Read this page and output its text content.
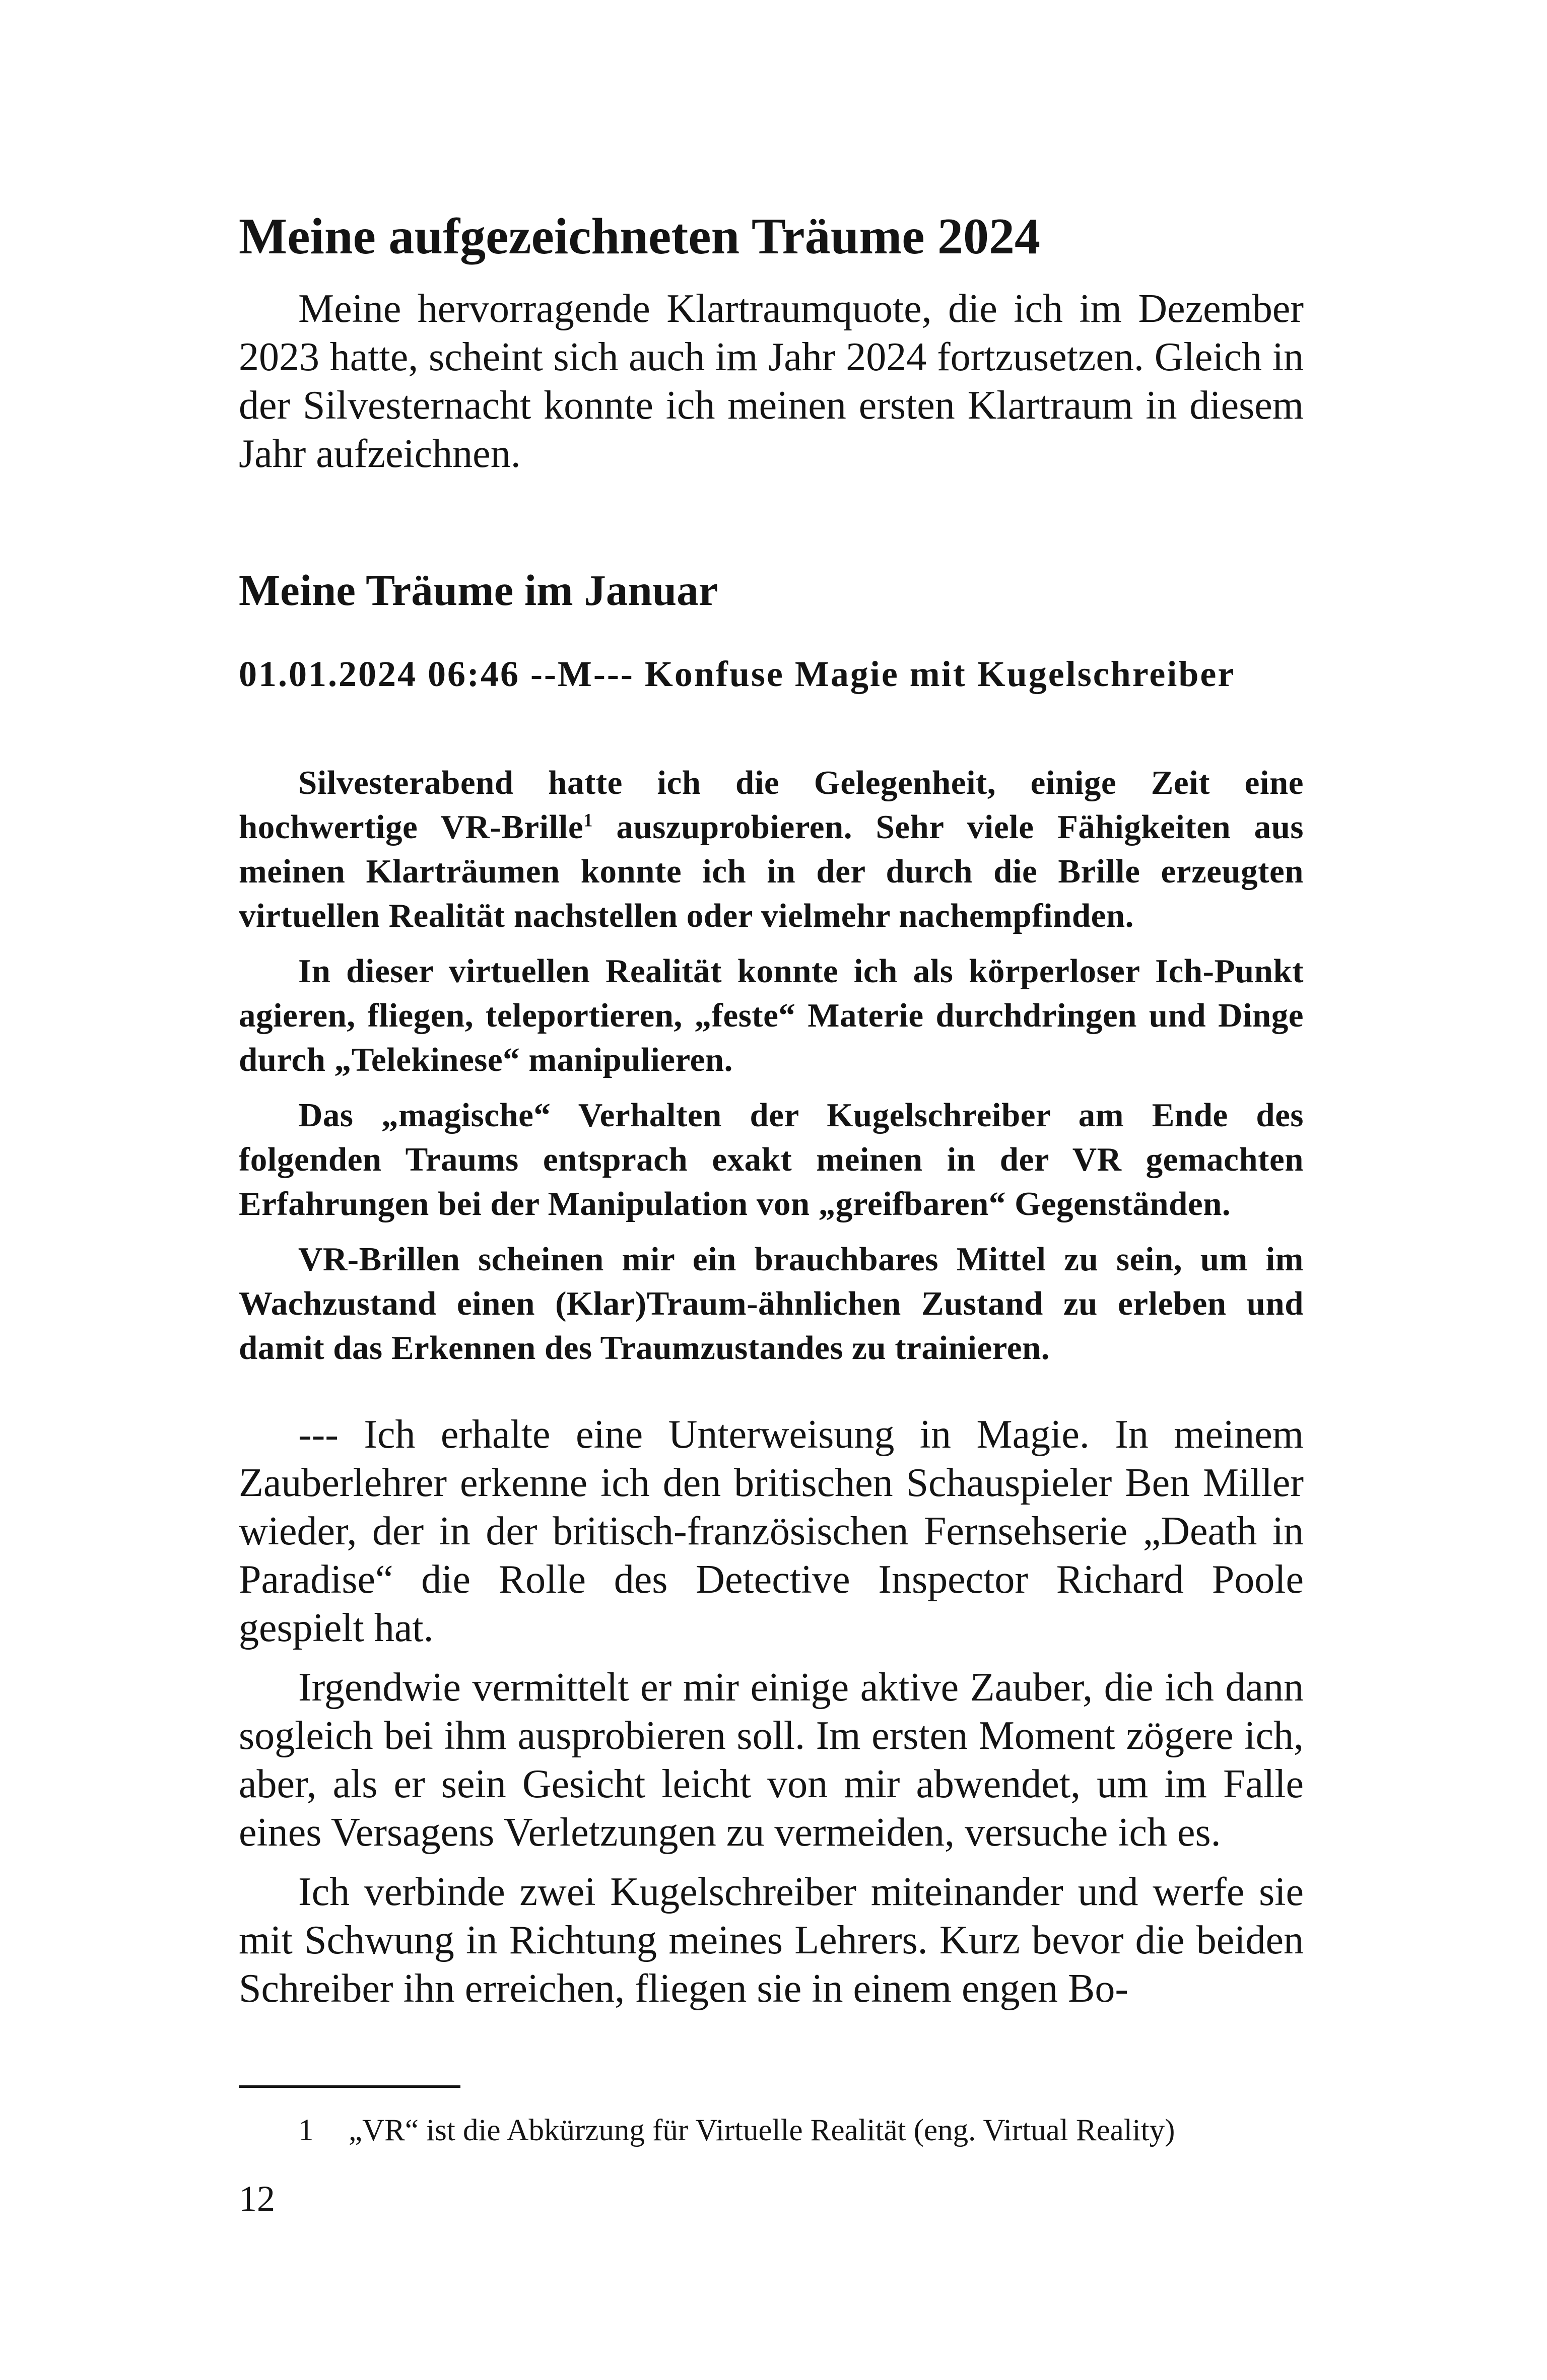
Meine aufgezeichneten Träume 2024

Meine hervorragende Klartraumquote, die ich im Dezember 2023 hatte, scheint sich auch im Jahr 2024 fortzusetzen. Gleich in der Silvesternacht konnte ich meinen ersten Klartraum in diesem Jahr aufzeichnen.

Meine Träume im Januar
01.01.2024 06:46 --M--- Konfuse Magie mit Kugelschreiber

Silvesterabend hatte ich die Gelegenheit, einige Zeit eine hochwertige VR-Brille$^1$ auszuprobieren. Sehr viele Fähigkeiten aus meinen Klarträumen konnte ich in der durch die Brille erzeugten virtuellen Realität nachstellen oder vielmehr nachempfinden.

In dieser virtuellen Realität konnte ich als körperloser Ich-Punkt agieren, fliegen, teleportieren, „feste“ Materie durchdringen und Dinge durch „Telekinese“ manipulieren.

Das „magische“ Verhalten der Kugelschreiber am Ende des folgenden Traums entsprach exakt meinen in der VR gemachten Erfahrungen bei der Manipulation von „greifbaren“ Gegenständen.

VR-Brillen scheinen mir ein brauchbares Mittel zu sein, um im Wachzustand einen (Klar)Traum-ähnlichen Zustand zu erleben und damit das Erkennen des Traumzustandes zu trainieren.

--- Ich erhalte eine Unterweisung in Magie. In meinem Zauberlehrer erkenne ich den britischen Schauspieler Ben Miller wieder, der in der britisch-französischen Fernsehserie „Death in Paradise“ die Rolle des Detective Inspector Richard Poole gespielt hat.

Irgendwie vermittelt er mir einige aktive Zauber, die ich dann sogleich bei ihm ausprobieren soll. Im ersten Moment zögere ich, aber, als er sein Gesicht leicht von mir abwendet, um im Falle eines Versagens Verletzungen zu vermeiden, versuche ich es.

Ich verbinde zwei Kugelschreiber miteinander und werfe sie mit Schwung in Richtung meines Lehrers. Kurz bevor die beiden Schreiber ihn erreichen, fliegen sie in einem engen Bo-

1 „VR“ ist die Abkürzung für Virtuelle Realität (eng. Virtual Reality)
12
